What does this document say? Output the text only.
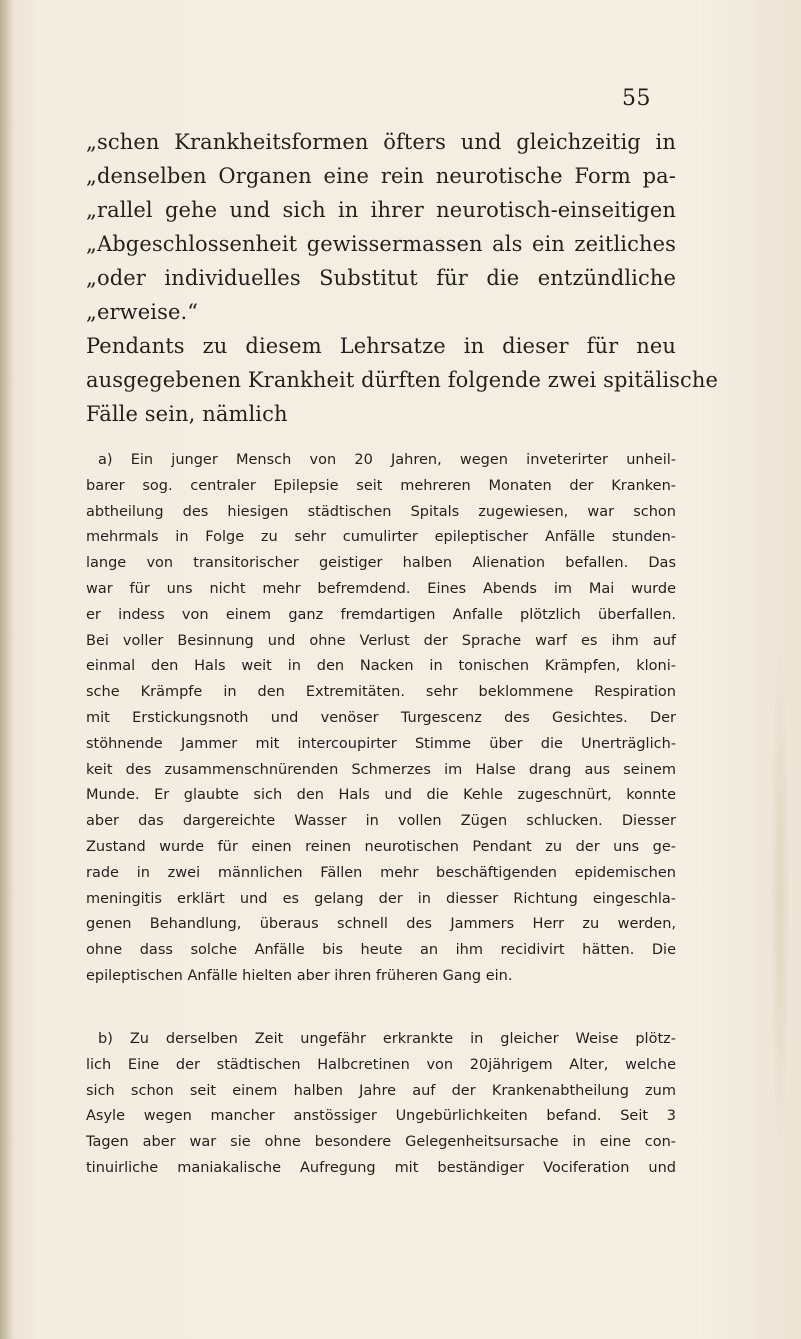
55
„schen Krankheitsformen öfters und gleichzeitig in
„denselben Organen eine rein neurotische Form pa-
„rallel gehe und sich in ihrer neurotisch-einseitigen
„Abgeschlossenheit gewissermassen als ein zeitliches
„oder individuelles Substitut für die entzündliche
„erweise.“
Pendants zu diesem Lehrsatze in dieser für neu
ausgegebenen Krankheit dürften folgende zwei spitälische
Fälle sein, nämlich
a) Ein junger Mensch von 20 Jahren, wegen inveterirter unheil-
barer sog. centraler Epilepsie seit mehreren Monaten der Kranken-
abtheilung des hiesigen städtischen Spitals zugewiesen, war schon
mehrmals in Folge zu sehr cumulirter epileptischer Anfälle stunden-
lange von transitorischer geistiger halben Alienation befallen. Das
war für uns nicht mehr befremdend. Eines Abends im Mai wurde
er indess von einem ganz fremdartigen Anfalle plötzlich überfallen.
Bei voller Besinnung und ohne Verlust der Sprache warf es ihm auf
einmal den Hals weit in den Nacken in tonischen Krämpfen, kloni-
sche Krämpfe in den Extremitäten. sehr beklommene Respiration
mit Erstickungsnoth und venöser Turgescenz des Gesichtes. Der
stöhnende Jammer mit intercoupirter Stimme über die Unerträglich-
keit des zusammenschnürenden Schmerzes im Halse drang aus seinem
Munde. Er glaubte sich den Hals und die Kehle zugeschnürt, konnte
aber das dargereichte Wasser in vollen Zügen schlucken. Diesser
Zustand wurde für einen reinen neurotischen Pendant zu der uns ge-
rade in zwei männlichen Fällen mehr beschäftigenden epidemischen
meningitis erklärt und es gelang der in diesser Richtung eingeschla-
genen Behandlung, überaus schnell des Jammers Herr zu werden,
ohne dass solche Anfälle bis heute an ihm recidivirt hätten. Die
epileptischen Anfälle hielten aber ihren früheren Gang ein.
b) Zu derselben Zeit ungefähr erkrankte in gleicher Weise plötz-
lich Eine der städtischen Halbcretinen von 20jährigem Alter, welche
sich schon seit einem halben Jahre auf der Krankenabtheilung zum
Asyle wegen mancher anstössiger Ungebürlichkeiten befand. Seit 3
Tagen aber war sie ohne besondere Gelegenheitsursache in eine con-
tinuirliche maniakalische Aufregung mit beständiger Vociferation und
